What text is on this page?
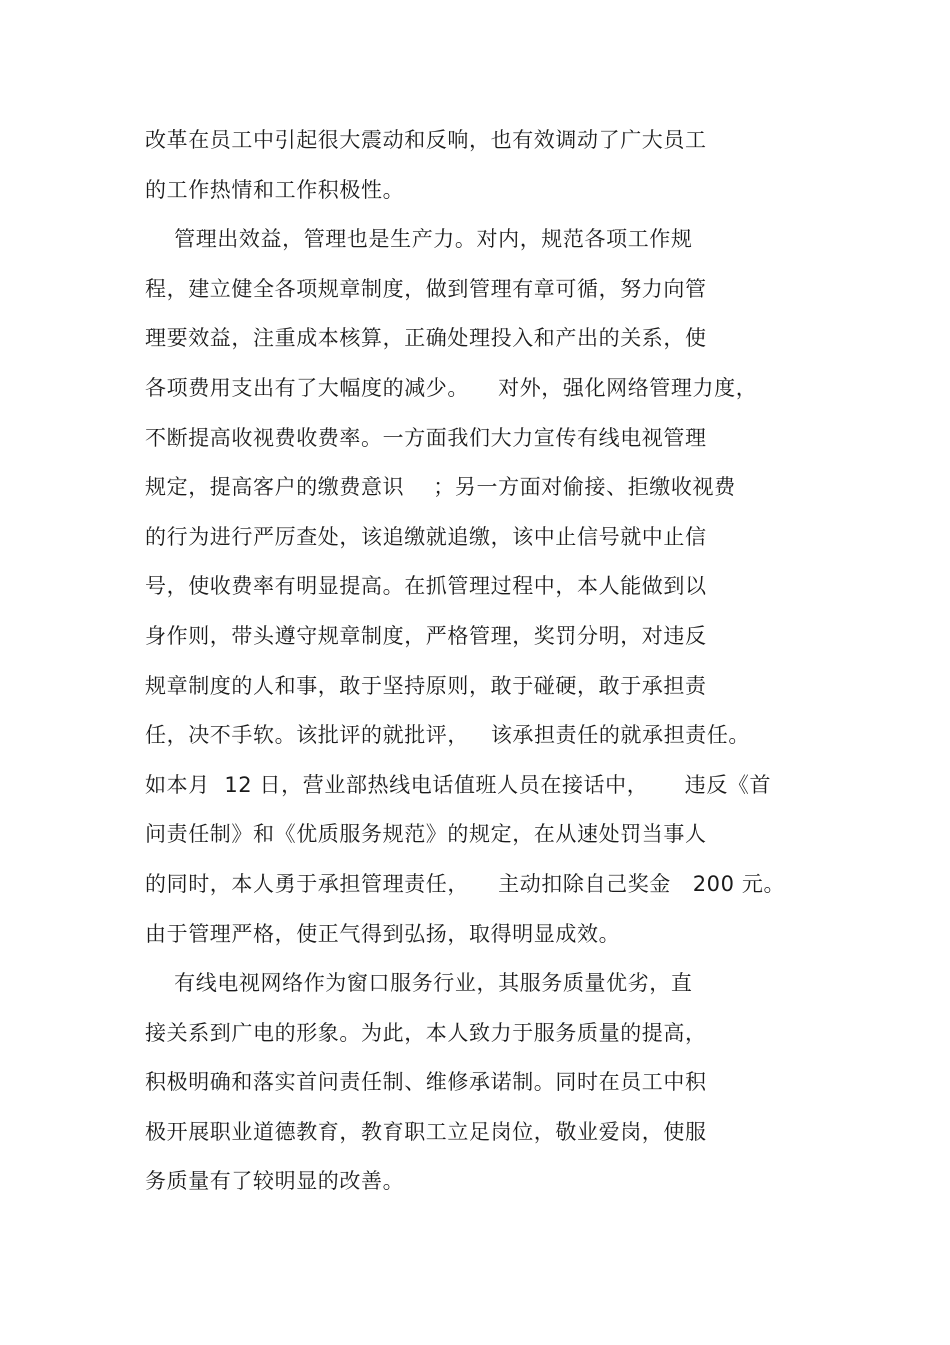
改革在员工中引起很大震动和反响，也有效调动了广大员工
的工作热情和工作积极性。
管理出效益，管理也是生产力。对内，规范各项工作规
程，建立健全各项规章制度，做到管理有章可循，努力向管
理要效益，注重成本核算，正确处理投入和产出的关系，使
各项费用支出有了大幅度的减少。    对外，强化网络管理力度，
不断提高收视费收费率。一方面我们大力宣传有线电视管理
规定，提高客户的缴费意识    ；另一方面对偷接、拒缴收视费
的行为进行严厉查处，该追缴就追缴，该中止信号就中止信
号，使收费率有明显提高。在抓管理过程中，本人能做到以
身作则，带头遵守规章制度，严格管理，奖罚分明，对违反
规章制度的人和事，敢于坚持原则，敢于碰硬，敢于承担责
任，决不手软。该批评的就批评，   该承担责任的就承担责任。
如本月  12 日，营业部热线电话值班人员在接话中，     违反《首
问责任制》和《优质服务规范》的规定，在从速处罚当事人
的同时，本人勇于承担管理责任，    主动扣除自己奖金   200 元。
由于管理严格，使正气得到弘扬，取得明显成效。
有线电视网络作为窗口服务行业，其服务质量优劣，直
接关系到广电的形象。为此，本人致力于服务质量的提高，
积极明确和落实首问责任制、维修承诺制。同时在员工中积
极开展职业道德教育，教育职工立足岗位，敬业爱岗，使服
务质量有了较明显的改善。
